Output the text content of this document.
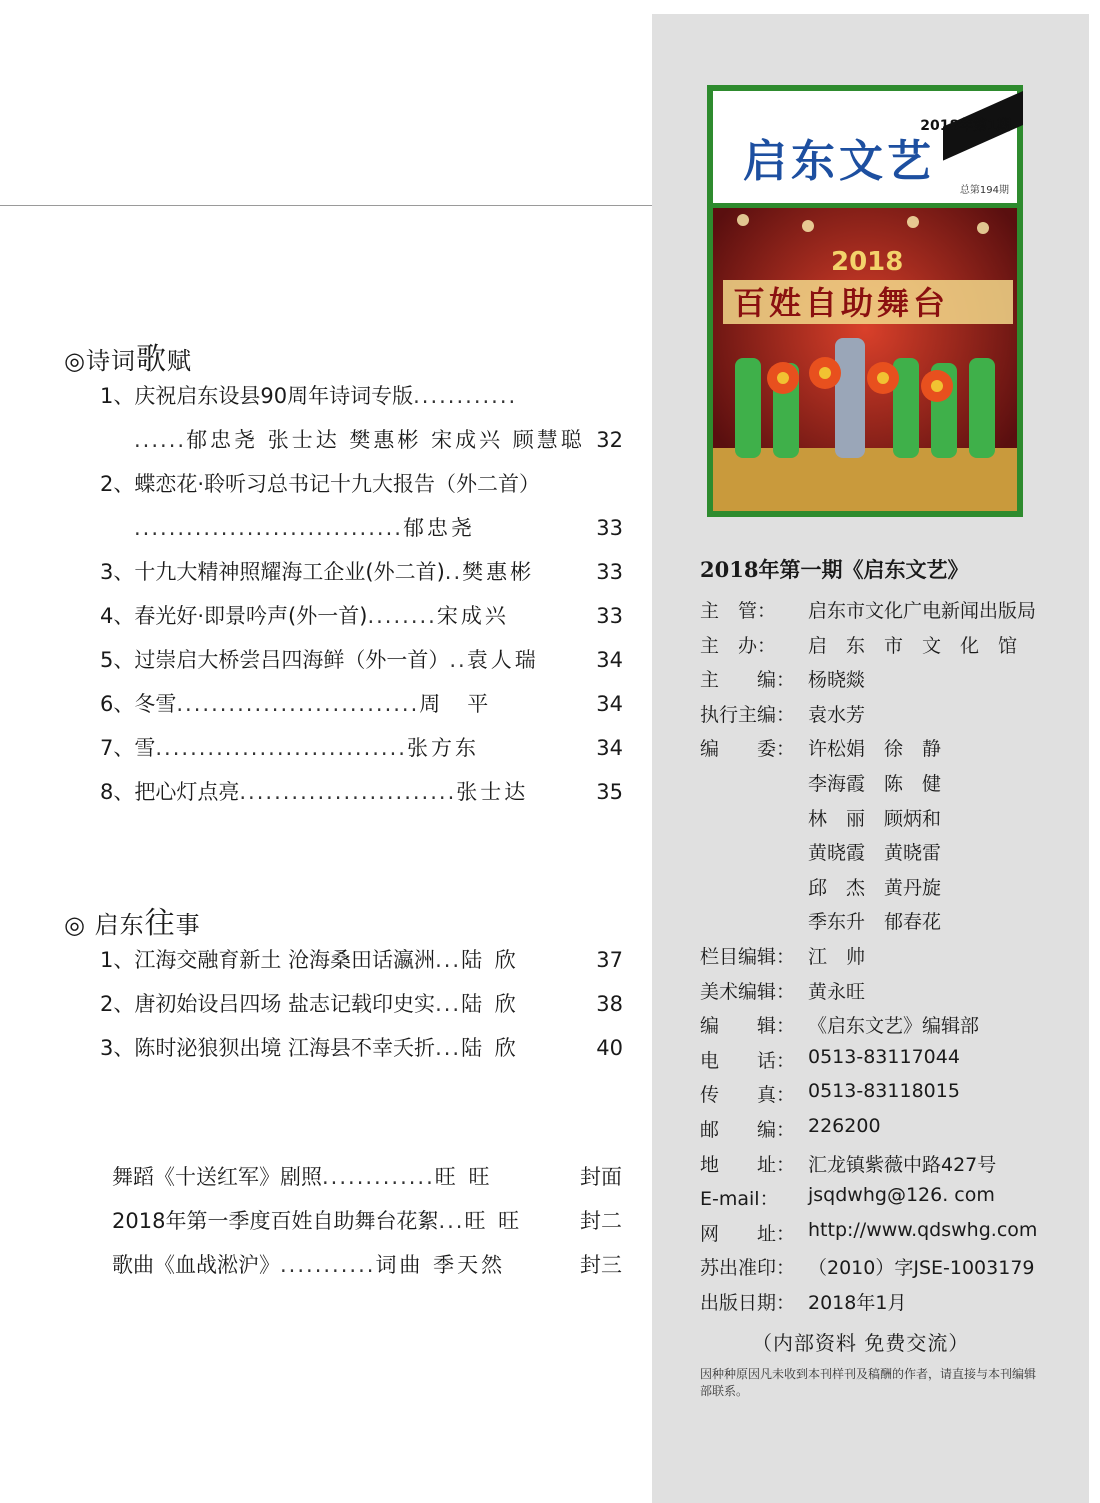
◎诗词歌赋
1、庆祝启东设县90周年诗词专版............
......郁忠尧 张士达 樊惠彬 宋成兴 顾慧聪 32
2、蝶恋花·聆听习总书记十九大报告（外二首）
...............................郁忠尧	33
3、十九大精神照耀海工企业(外二首)..樊惠彬	33
4、春光好·即景吟声(外一首)........宋成兴	33
5、过崇启大桥尝吕四海鲜（外一首）..袁人瑞	34
6、冬雪............................周　平	34
7、雪.............................张方东	34
8、把心灯点亮.........................张士达	35
◎ 启东往事
1、江海交融育新土 沧海桑田话瀛洲...陆 欣	37
2、唐初始设吕四场 盐志记载印史实...陆 欣	38
3、陈时泌狼狈出境 江海县不幸夭折...陆 欣	40
舞蹈《十送红军》剧照.............旺 旺	封面
2018年第一季度百姓自助舞台花絮...旺 旺	封二
歌曲《血战淞沪》...........词曲 季天然	封三
启东文艺
2018年第1期
总第194期
2018
百姓自助舞台
2018年第一期《启东文艺》
主　管： 启东市文化广电新闻出版局
主　办： 启　东　市　文　化　馆
主　　编： 杨晓燚
执行主编： 袁水芳
编　　委： 许松娟　徐　静
李海霞　陈　健
林　丽　顾炳和
黄晓霞　黄晓雷
邱　杰　黄丹旋
季东升　郁春花
栏目编辑： 江　帅
美术编辑： 黄永旺
编　　辑： 《启东文艺》编辑部
电　　话： 0513-83117044
传　　真： 0513-83118015
邮　　编： 226200
地　　址： 汇龙镇紫薇中路427号
E-mail： jsqdwhg@126. com
网　　址： http://www.qdswhg.com
苏出准印： （2010）字JSE-1003179
出版日期： 2018年1月
（内部资料 免费交流）
因种种原因凡未收到本刊样刊及稿酬的作者，请直接与本刊编辑部联系。
